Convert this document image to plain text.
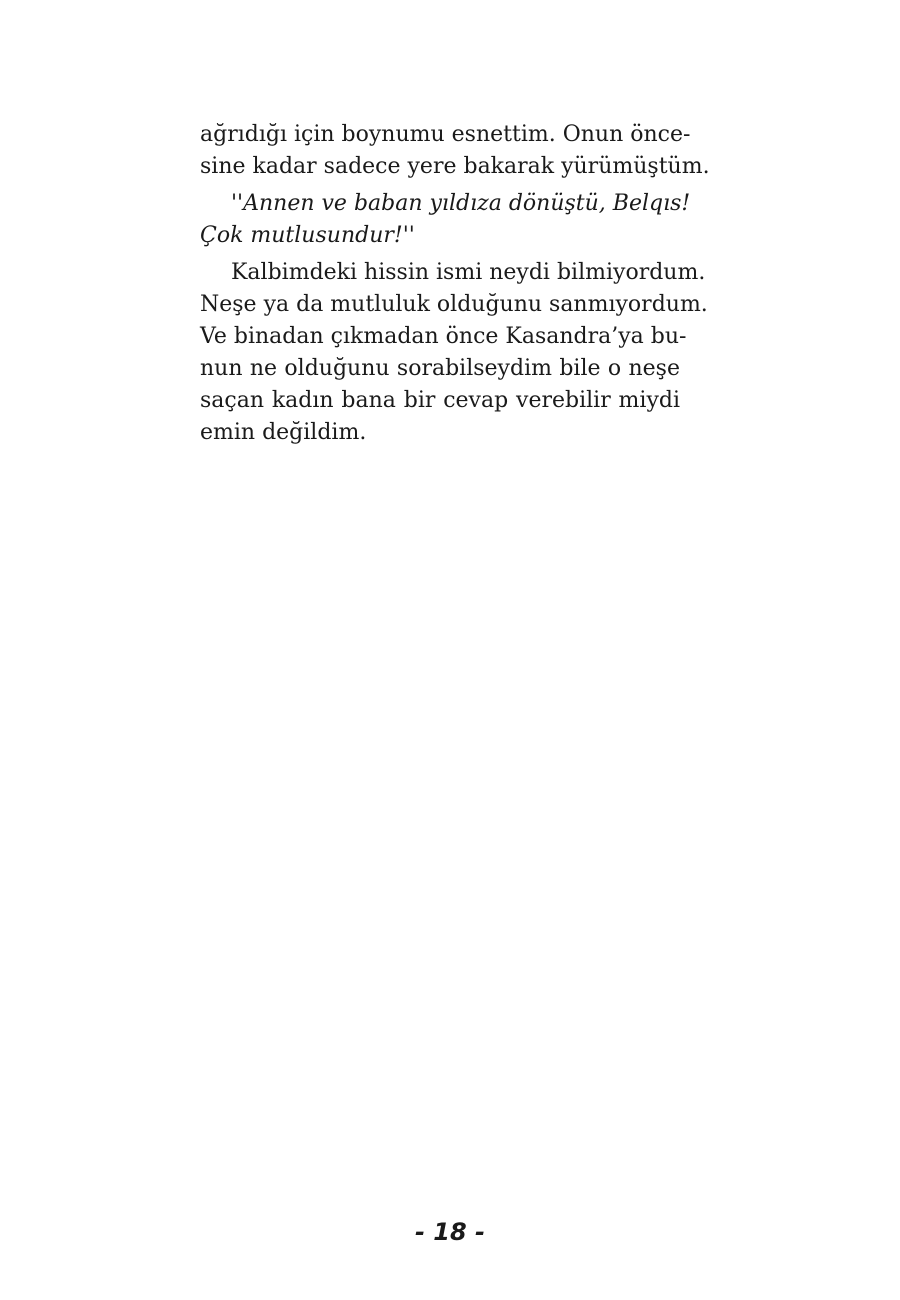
ağrıdığı için boynumu esnettim. Onun önce-
sine kadar sadece yere bakarak yürümüştüm.
''Annen ve baban yıldıza dönüştü, Belqıs!
Çok mutlusundur!''
Kalbimdeki hissin ismi neydi bilmiyordum.
Neşe ya da mutluluk olduğunu sanmıyordum.
Ve binadan çıkmadan önce Kasandra’ya bu-
nun ne olduğunu sorabilseydim bile o neşe
saçan kadın bana bir cevap verebilir miydi
emin değildim.
- 18 -
